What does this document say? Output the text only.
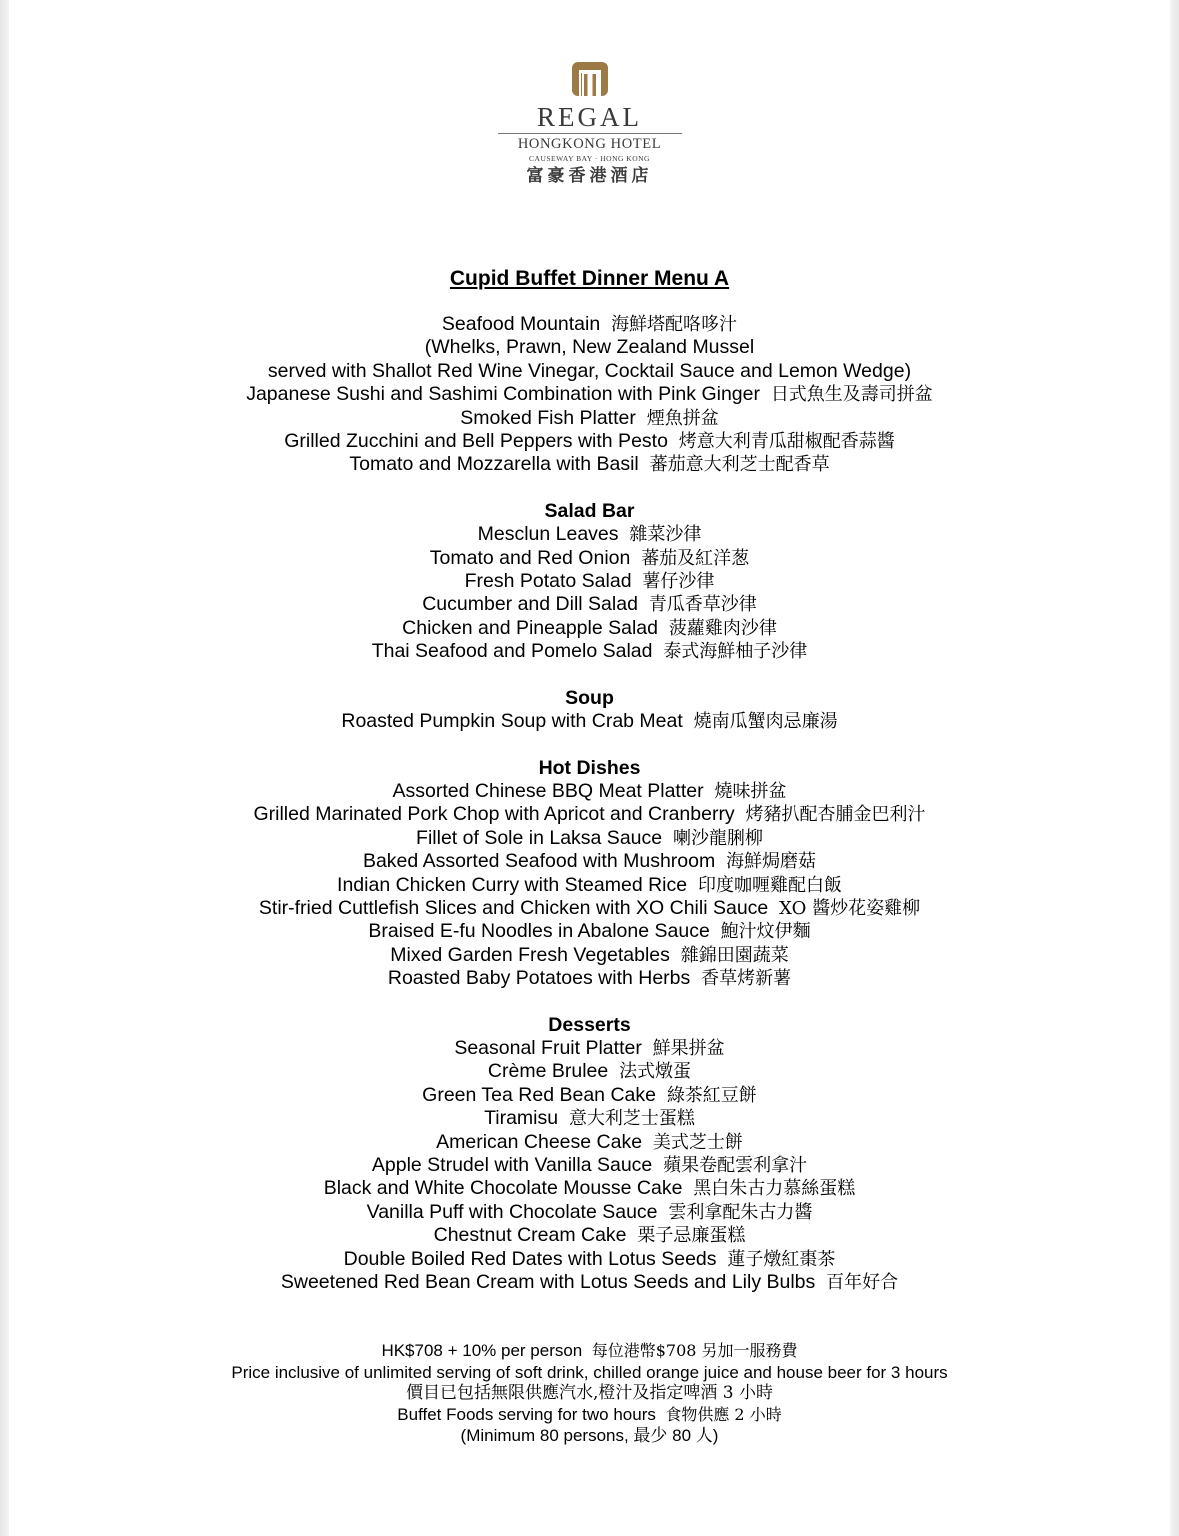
REGAL
HONGKONG HOTEL
CAUSEWAY BAY · HONG KONG
富豪香港酒店
Cupid Buffet Dinner Menu A
Seafood Mountain 海鮮塔配咯哆汁
(Whelks, Prawn, New Zealand Mussel
served with Shallot Red Wine Vinegar, Cocktail Sauce and Lemon Wedge)
Japanese Sushi and Sashimi Combination with Pink Ginger 日式魚生及壽司拼盆
Smoked Fish Platter 煙魚拼盆
Grilled Zucchini and Bell Peppers with Pesto 烤意大利青瓜甜椒配香蒜醬
Tomato and Mozzarella with Basil 蕃茄意大利芝士配香草
Salad Bar
Mesclun Leaves 雜菜沙律
Tomato and Red Onion 蕃茄及紅洋葱
Fresh Potato Salad 薯仔沙律
Cucumber and Dill Salad 青瓜香草沙律
Chicken and Pineapple Salad 菠蘿雞肉沙律
Thai Seafood and Pomelo Salad 泰式海鮮柚子沙律
Soup
Roasted Pumpkin Soup with Crab Meat 燒南瓜蟹肉忌廉湯
Hot Dishes
Assorted Chinese BBQ Meat Platter 燒味拼盆
Grilled Marinated Pork Chop with Apricot and Cranberry 烤豬扒配杏脯金巴利汁
Fillet of Sole in Laksa Sauce 喇沙龍脷柳
Baked Assorted Seafood with Mushroom 海鮮焗磨菇
Indian Chicken Curry with Steamed Rice 印度咖喱雞配白飯
Stir-fried Cuttlefish Slices and Chicken with XO Chili Sauce XO 醬炒花姿雞柳
Braised E-fu Noodles in Abalone Sauce 鮑汁炆伊麵
Mixed Garden Fresh Vegetables 雜錦田園蔬菜
Roasted Baby Potatoes with Herbs 香草烤新薯
Desserts
Seasonal Fruit Platter 鮮果拼盆
Crème Brulee 法式燉蛋
Green Tea Red Bean Cake 綠茶紅豆餅
Tiramisu 意大利芝士蛋糕
American Cheese Cake 美式芝士餅
Apple Strudel with Vanilla Sauce 蘋果卷配雲利拿汁
Black and White Chocolate Mousse Cake 黑白朱古力慕絲蛋糕
Vanilla Puff with Chocolate Sauce 雲利拿配朱古力醬
Chestnut Cream Cake 栗子忌廉蛋糕
Double Boiled Red Dates with Lotus Seeds 蓮子燉紅棗茶
Sweetened Red Bean Cream with Lotus Seeds and Lily Bulbs 百年好合
HK$708 + 10% per person 每位港幣$708 另加一服務費
Price inclusive of unlimited serving of soft drink, chilled orange juice and house beer for 3 hours
價目已包括無限供應汽水,橙汁及指定啤酒 3 小時
Buffet Foods serving for two hours 食物供應 2 小時
(Minimum 80 persons, 最少 80 人)
